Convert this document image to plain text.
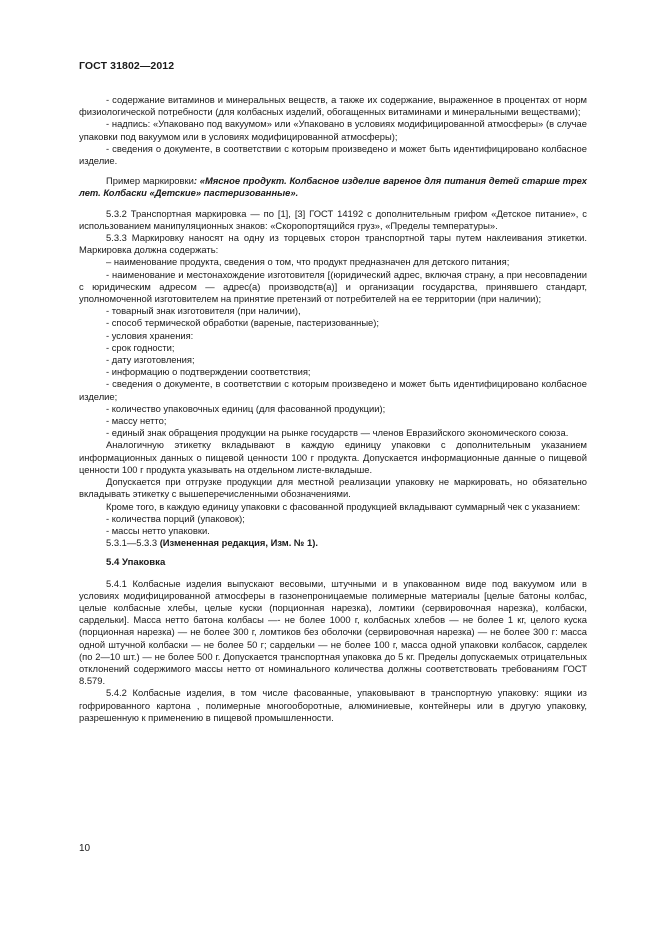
ГОСТ 31802—2012

- содержание витаминов и минеральных веществ, а также их содержание, выраженное в процентах от норм физиологической потребности (для колбасных изделий, обогащенных витаминами и минеральными веществами);

- надпись: «Упаковано под вакуумом» или «Упаковано в условиях модифицированной атмосферы» (в случае упаковки под вакуумом или в условиях модифицированной атмосферы);

- сведения о документе, в соответствии с которым произведено и может быть идентифицировано колбасное изделие.

Пример маркировки: «Мясное продукт. Колбасное изделие вареное для питания детей старше трех лет. Колбаски «Детские» пастеризованные».

5.3.2 Транспортная маркировка — по [1], [3] ГОСТ 14192 с дополнительным грифом «Детское питание», с использованием манипуляционных знаков: «Скоропортящийся груз», «Пределы температуры».

5.3.3 Маркировку наносят на одну из торцевых сторон транспортной тары путем наклеивания этикетки. Маркировка должна содержать:

– наименование продукта, сведения о том, что продукт предназначен для детского питания;

- наименование и местонахождение изготовителя [(юридический адрес, включая страну, а при несовпадении с юридическим адресом — адрес(а) производств(а)] и организации государства, принявшего стандарт, уполномоченной изготовителем на принятие претензий от потребителей на ее территории (при наличии);

- товарный знак изготовителя (при наличии),

- способ термической обработки (вареные, пастеризованные);

- условия хранения:

- срок годности;

- дату изготовления;

- информацию о подтверждении соответствия;

- сведения о документе, в соответствии с которым произведено и может быть идентифицировано колбасное изделие;

- количество упаковочных единиц (для фасованной продукции);

- массу нетто;

- единый знак обращения продукции на рынке государств — членов Евразийского экономического союза.

Аналогичную этикетку вкладывают в каждую единицу упаковки с дополнительным указанием информационных данных о пищевой ценности 100 г продукта. Допускается информационные данные о пищевой ценности 100 г продукта указывать на отдельном листе-вкладыше.

Допускается при отгрузке продукции для местной реализации упаковку не маркировать, но обязательно вкладывать этикетку с вышеперечисленными обозначениями.

Кроме того, в каждую единицу упаковки с фасованной продукцией вкладывают суммарный чек с указанием:

- количества порций (упаковок);

- массы нетто упаковки.

5.3.1—5.3.3 (Измененная редакция, Изм. № 1).

5.4 Упаковка

5.4.1 Колбасные изделия выпускают весовыми, штучными и в упакованном виде под вакуумом или в условиях модифицированной атмосферы в газонепроницаемые полимерные материалы [целые батоны колбас, целые колбасные хлебы, целые куски (порционная нарезка), ломтики (сервировочная нарезка), колбаски, сардельки]. Масса нетто батона колбасы —- не более 1000 г, колбасных хлебов — не более 1 кг, целого куска (порционная нарезка) — не более 300 г, ломтиков без оболочки (сервировочная нарезка) — не более 300 г: масса одной штучной колбаски — не более 50 г; сардельки — не более 100 г, масса одной упаковки колбасок, сарделек (по 2—10 шт.) — не более 500 г. Допускается транспортная упаковка до 5 кг. Пределы допускаемых отрицательных отклонений содержимого массы нетто от номинального количества должны соответствовать требованиям ГОСТ 8.579.

5.4.2 Колбасные изделия, в том числе фасованные, упаковывают в транспортную упаковку: ящики из гофрированного картона , полимерные многооборотные, алюминиевые, контейнеры или в другую упаковку, разрешенную к применению в пищевой промышленности.

10
